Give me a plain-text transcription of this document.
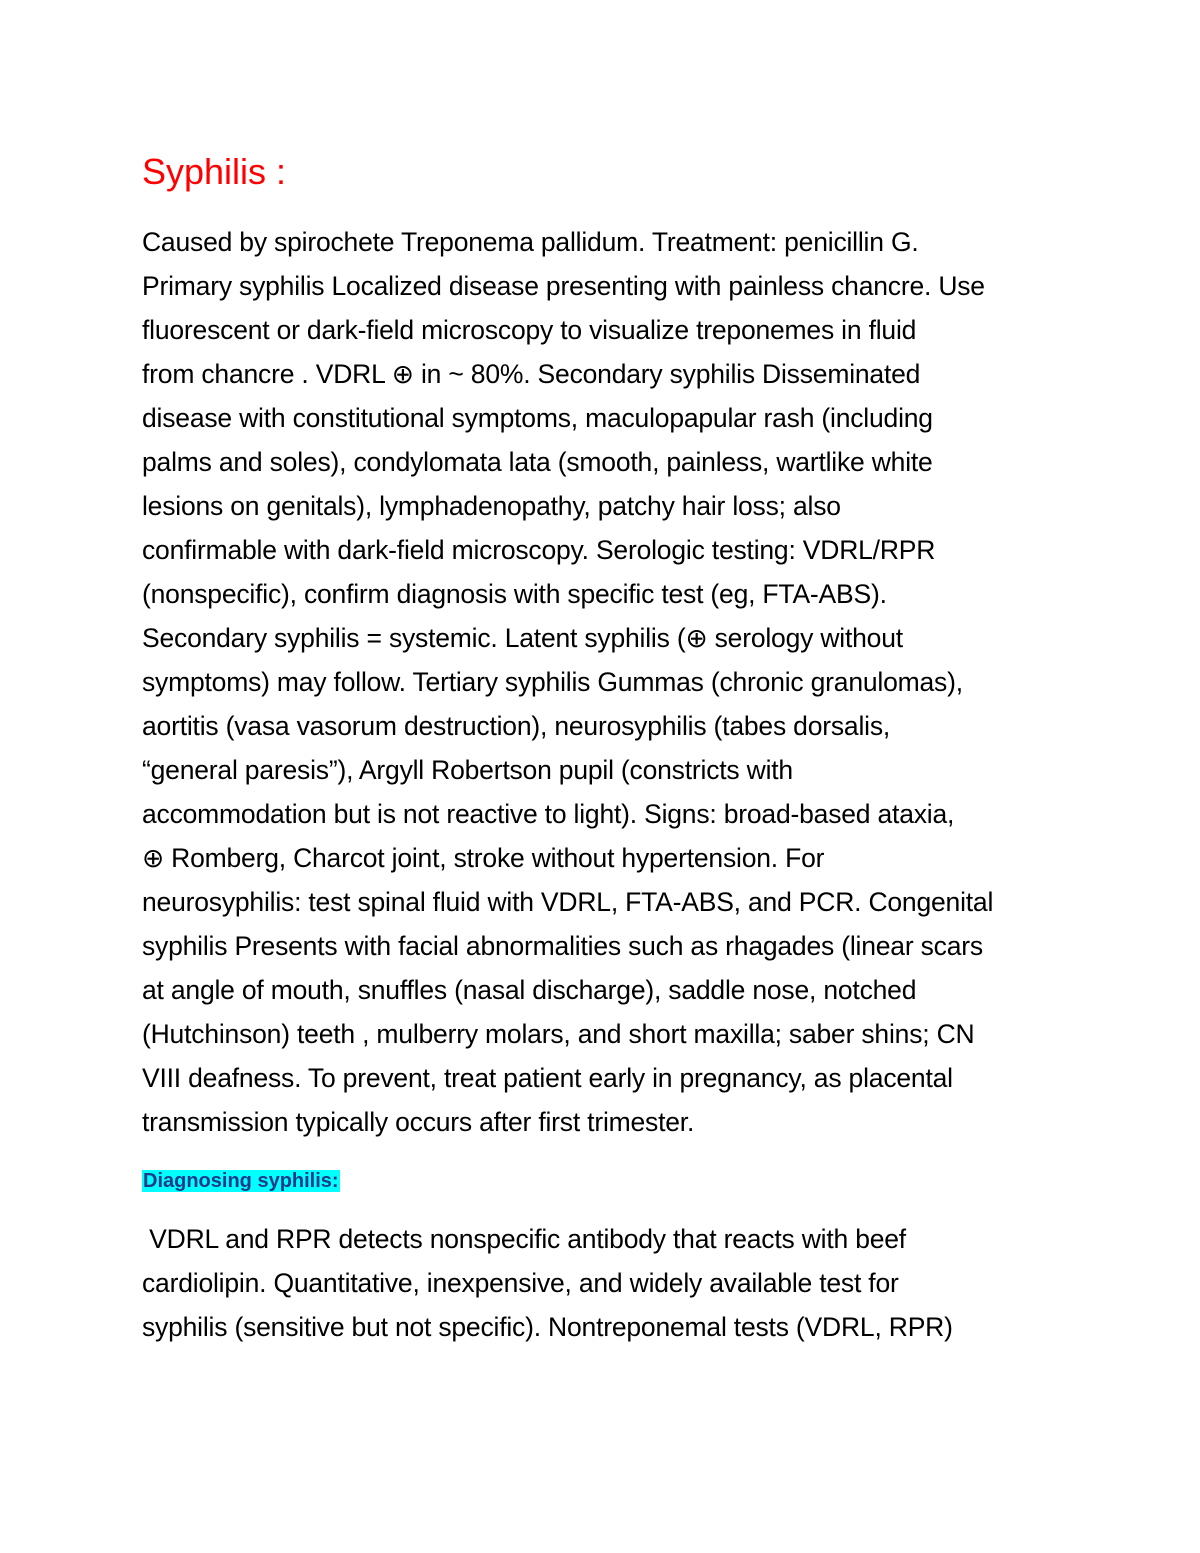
Syphilis :
Caused by spirochete Treponema pallidum. Treatment: penicillin G.
Primary syphilis Localized disease presenting with painless chancre. Use
fluorescent or dark-field microscopy to visualize treponemes in fluid
from chancre . VDRL ⊕ in ~ 80%. Secondary syphilis Disseminated
disease with constitutional symptoms, maculopapular rash (including
palms and soles), condylomata lata (smooth, painless, wartlike white
lesions on genitals), lymphadenopathy, patchy hair loss; also
confirmable with dark-field microscopy. Serologic testing: VDRL/RPR
(nonspecific), confirm diagnosis with specific test (eg, FTA-ABS).
Secondary syphilis = systemic. Latent syphilis (⊕ serology without
symptoms) may follow. Tertiary syphilis Gummas (chronic granulomas),
aortitis (vasa vasorum destruction), neurosyphilis (tabes dorsalis,
“general paresis”), Argyll Robertson pupil (constricts with
accommodation but is not reactive to light). Signs: broad-based ataxia,
⊕ Romberg, Charcot joint, stroke without hypertension. For
neurosyphilis: test spinal fluid with VDRL, FTA-ABS, and PCR. Congenital
syphilis Presents with facial abnormalities such as rhagades (linear scars
at angle of mouth, snuffles (nasal discharge), saddle nose, notched
(Hutchinson) teeth , mulberry molars, and short maxilla; saber shins; CN
VIII deafness. To prevent, treat patient early in pregnancy, as placental
transmission typically occurs after first trimester.
Diagnosing syphilis:
VDRL and RPR detects nonspecific antibody that reacts with beef
cardiolipin. Quantitative, inexpensive, and widely available test for
syphilis (sensitive but not specific). Nontreponemal tests (VDRL, RPR)
